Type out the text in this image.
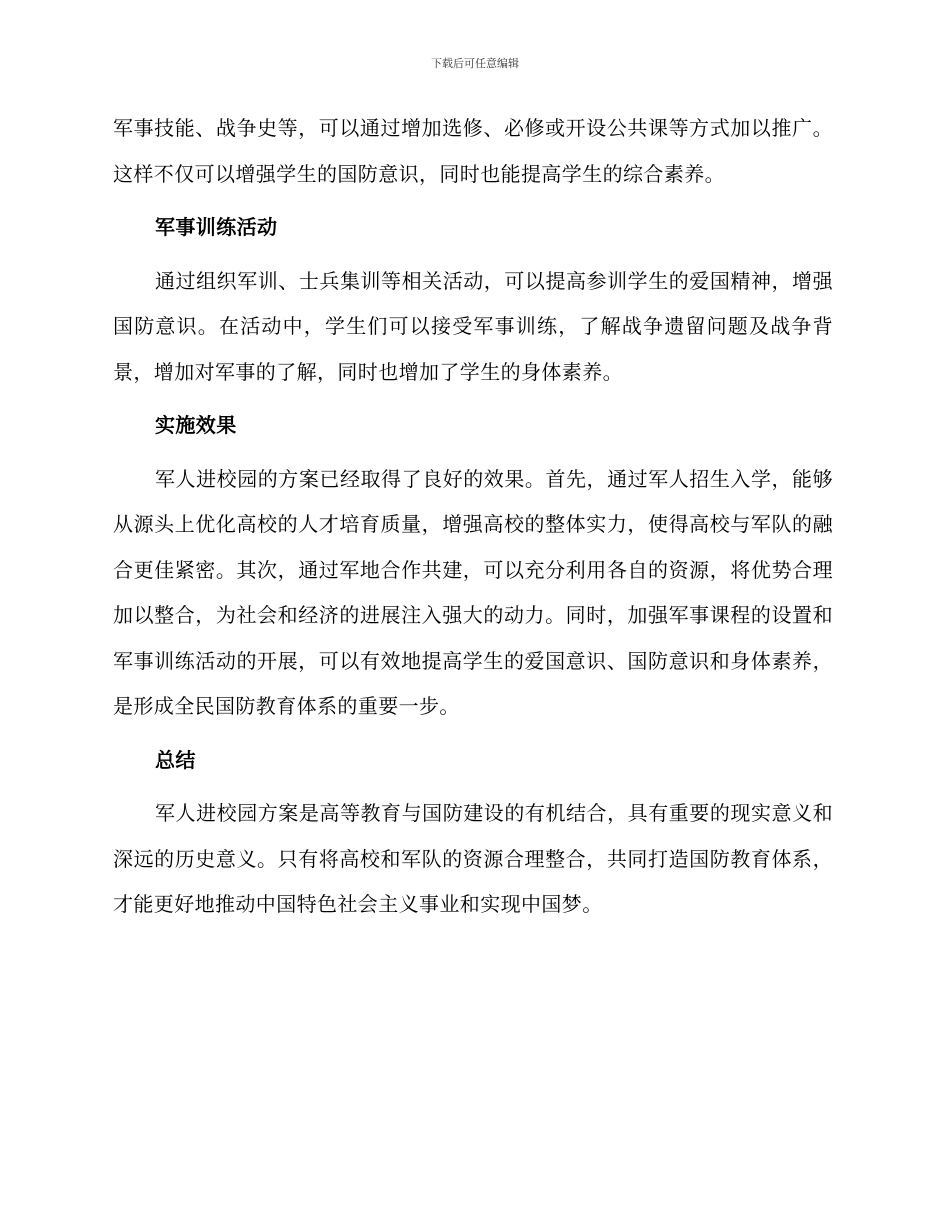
下载后可任意编辑

军事技能、战争史等，可以通过增加选修、必修或开设公共课等方式加以推广。这样不仅可以增强学生的国防意识，同时也能提高学生的综合素养。

军事训练活动

通过组织军训、士兵集训等相关活动，可以提高参训学生的爱国精神，增强国防意识。在活动中，学生们可以接受军事训练，了解战争遗留问题及战争背景，增加对军事的了解，同时也增加了学生的身体素养。

实施效果

军人进校园的方案已经取得了良好的效果。首先，通过军人招生入学，能够从源头上优化高校的人才培育质量，增强高校的整体实力，使得高校与军队的融合更佳紧密。其次，通过军地合作共建，可以充分利用各自的资源，将优势合理加以整合，为社会和经济的进展注入强大的动力。同时，加强军事课程的设置和军事训练活动的开展，可以有效地提高学生的爱国意识、国防意识和身体素养，是形成全民国防教育体系的重要一步。

总结

军人进校园方案是高等教育与国防建设的有机结合，具有重要的现实意义和深远的历史意义。只有将高校和军队的资源合理整合，共同打造国防教育体系，才能更好地推动中国特色社会主义事业和实现中国梦。
